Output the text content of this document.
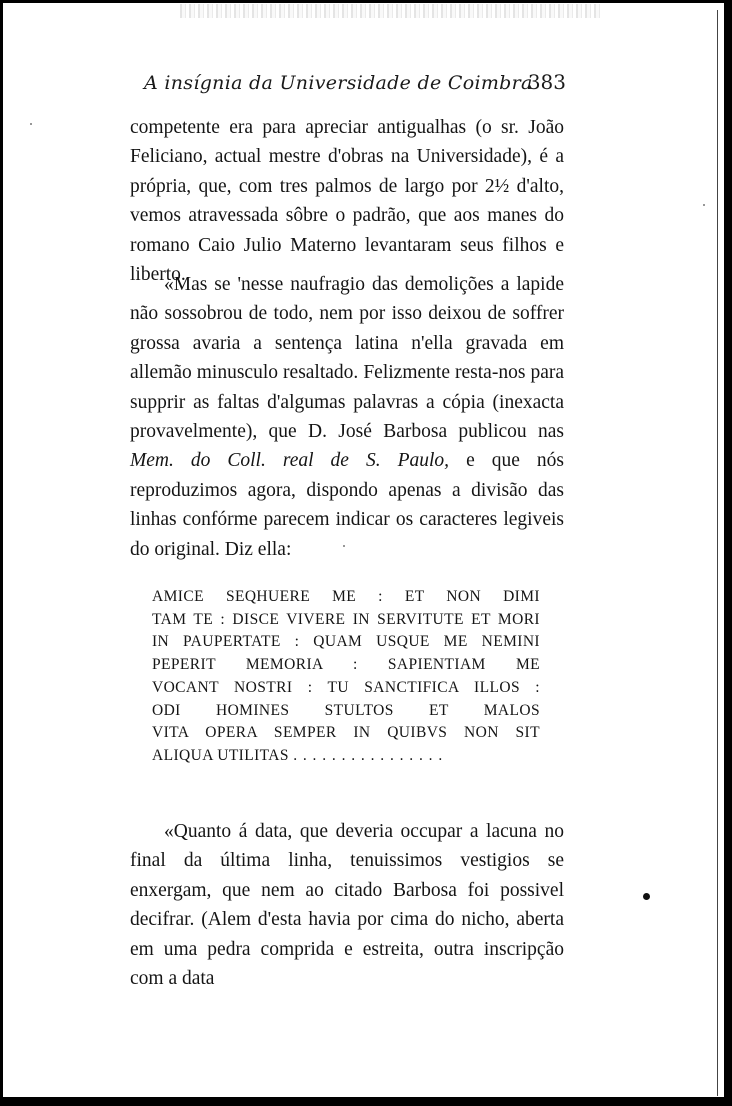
A insígnia da Universidade de Coimbra
383

competente era para apreciar antigualhas (o sr. João Feliciano, actual mestre d'obras na Universidade), é a própria, que, com tres palmos de largo por 2½ d'alto, vemos atravessada sôbre o padrão, que aos manes do romano Caio Julio Materno levantaram seus filhos e liberto.

«Mas se 'nesse naufragio das demolições a lapide não sossobrou de todo, nem por isso deixou de soffrer grossa avaria a sentença latina n'ella gravada em allemão minusculo resaltado. Felizmente resta-nos para supprir as faltas d'algumas palavras a cópia (inexacta provavelmente), que D. José Barbosa publicou nas Mem. do Coll. real de S. Paulo, e que nós reproduzimos agora, dispondo apenas a divisão das linhas confórme parecem indicar os caracteres legiveis do original. Diz ella:

AMICE SEQHUERE ME : ET NON DIMI
TAM TE : DISCE VIVERE IN SERVITUTE ET MORI
IN PAUPERTATE : QUAM USQUE ME NEMINI
PEPERIT MEMORIA : SAPIENTIAM ME
VOCANT NOSTRI : TU SANCTIFICA ILLOS :
ODI HOMINES STULTOS ET MALOS
VITA OPERA SEMPER IN QUIBVS NON SIT
ALIQUA UTILITAS ................

«Quanto á data, que deveria occupar a lacuna no final da última linha, tenuissimos vestigios se enxergam, que nem ao citado Barbosa foi possivel decifrar. (Alem d'esta havia por cima do nicho, aberta em uma pedra comprida e estreita, outra inscripção com a data
